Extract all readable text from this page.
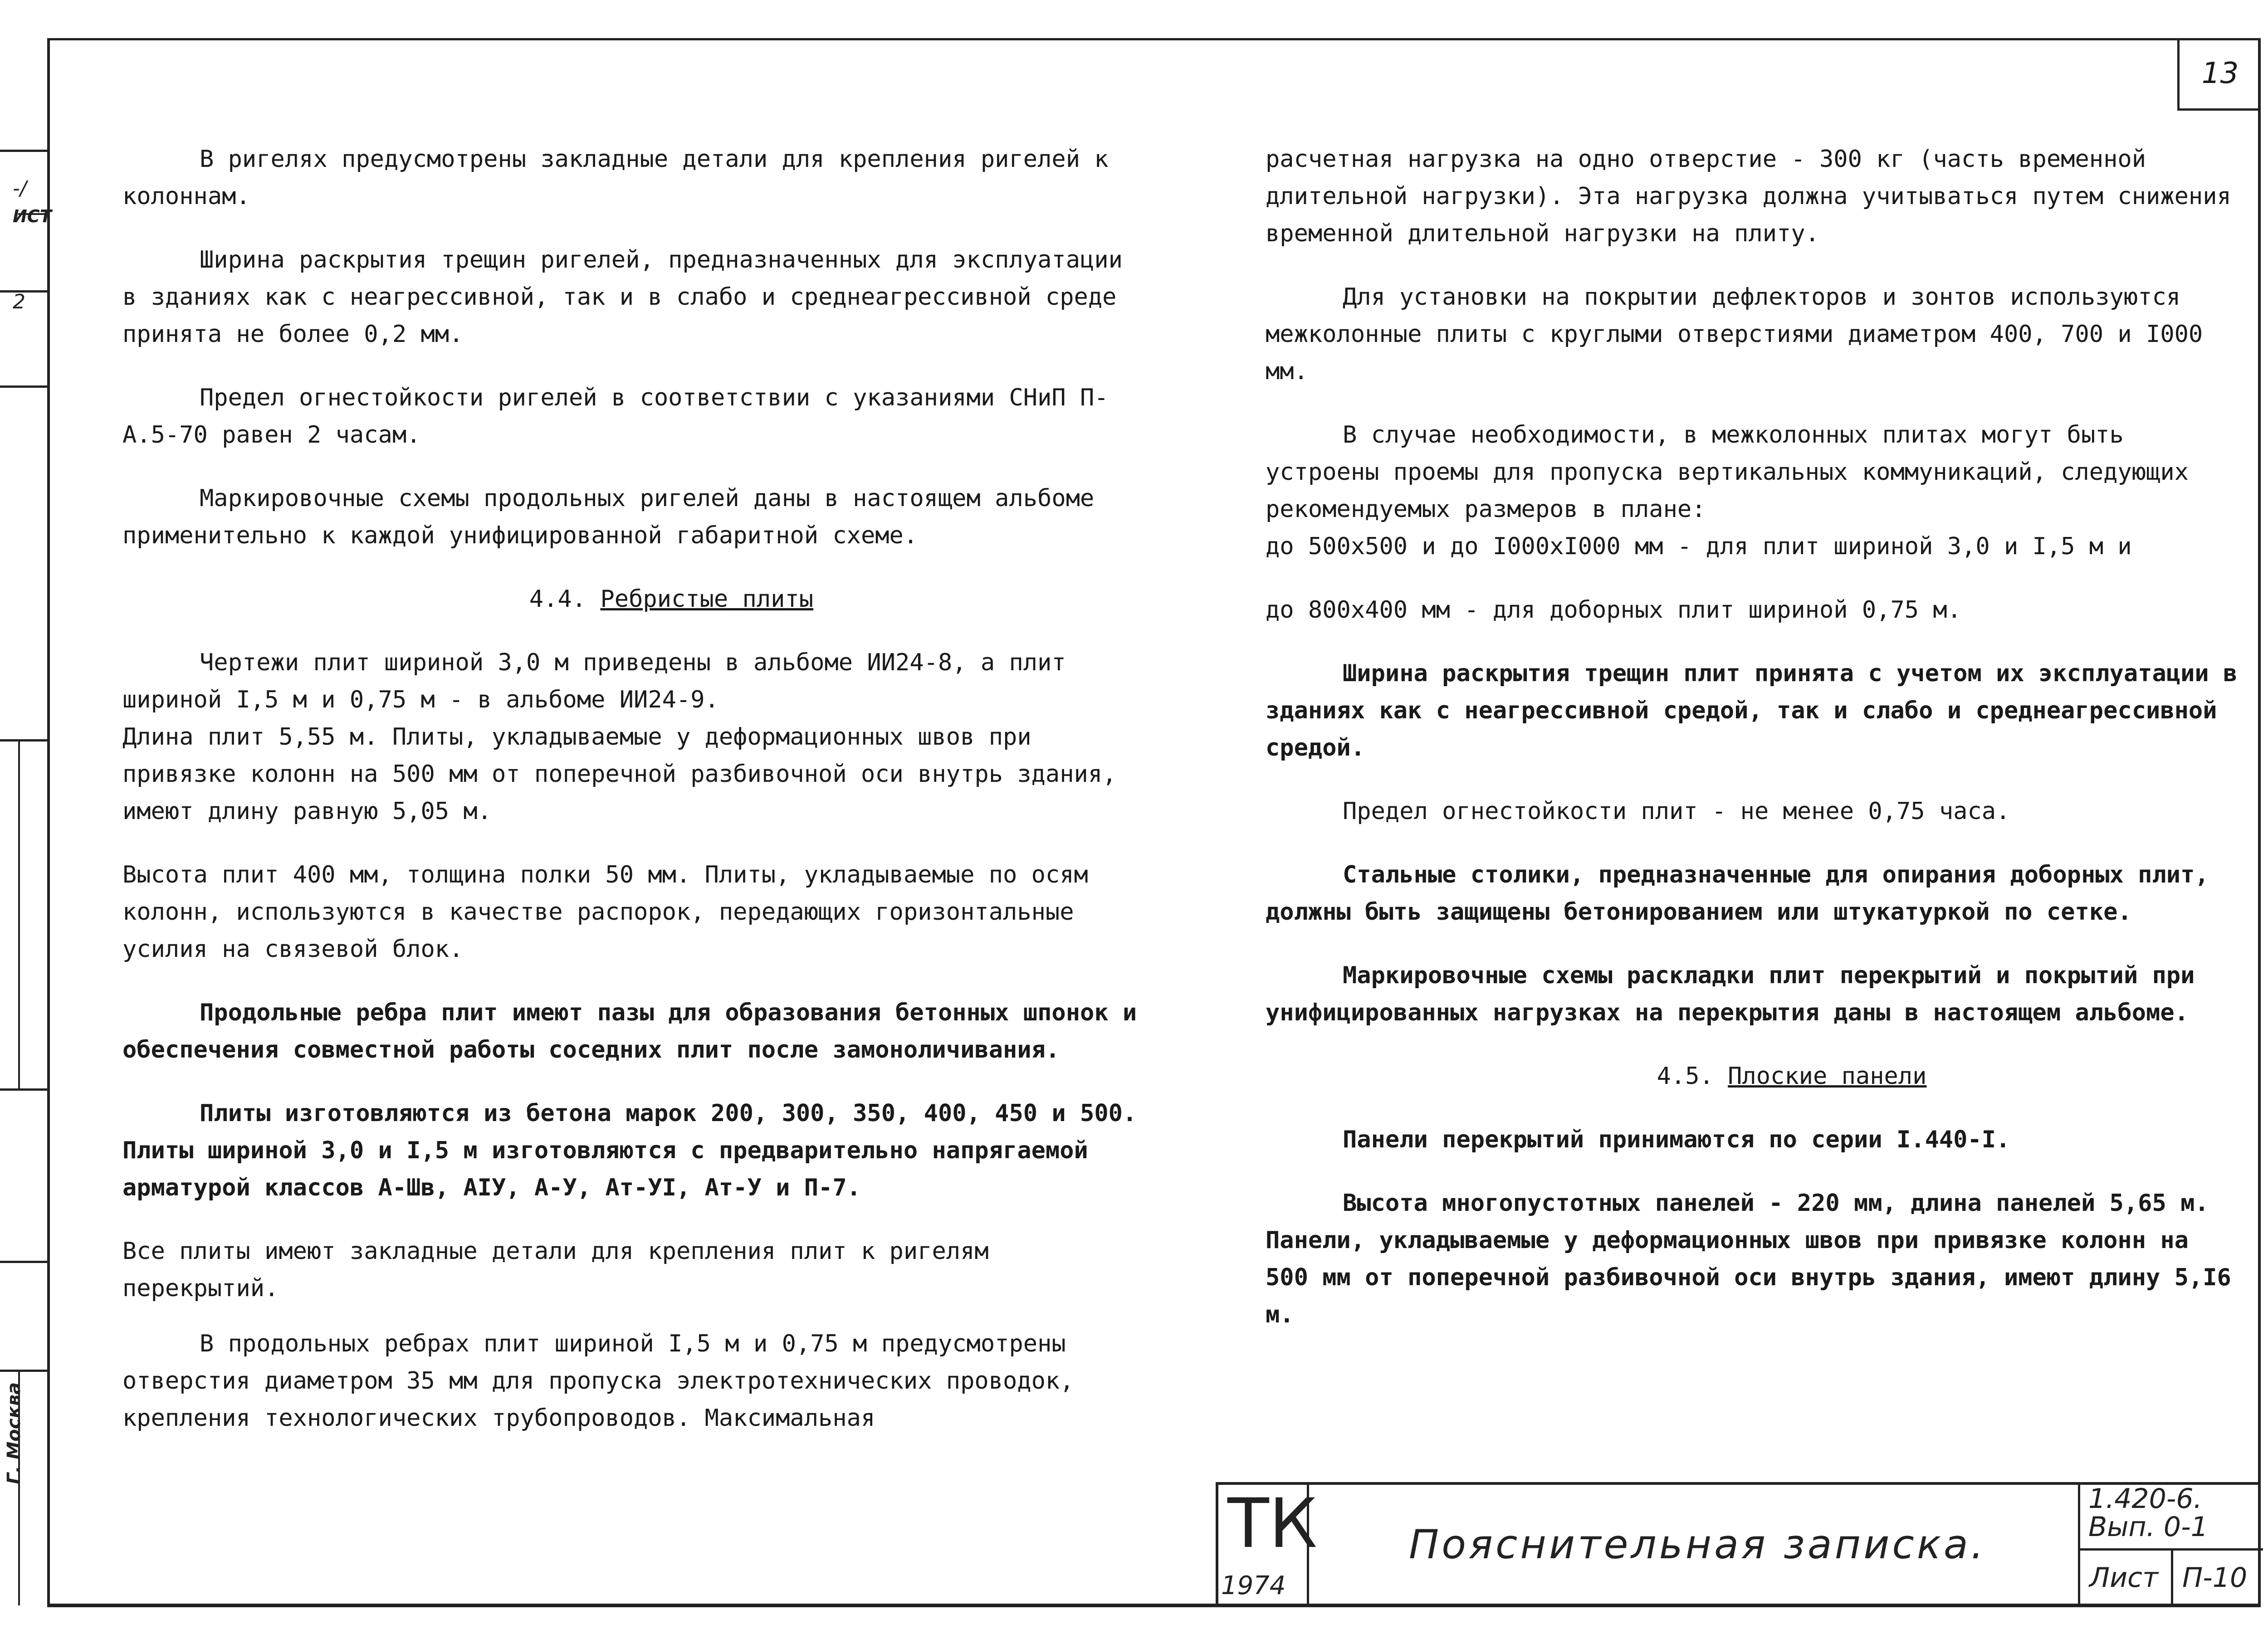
-/
ИСТ
2
Г. Москва
13

В ригелях предусмотрены закладные детали для крепления ригелей к колоннам.

Ширина раскрытия трещин ригелей, предназначенных для эксплуатации в зданиях как с неагрессивной, так и в слабо и среднеагрессивной среде принята не более 0,2 мм.

Предел огнестойкости ригелей в соответствии с указаниями СНиП П-А.5-70 равен 2 часам.

Маркировочные схемы продольных ригелей даны в настоящем альбоме применительно к каждой унифицированной габаритной схеме.

4.4. Ребристые плиты

Чертежи плит шириной 3,0 м приведены в альбоме ИИ24-8, а плит шириной I,5 м и 0,75 м - в альбоме ИИ24-9.

Длина плит 5,55 м. Плиты, укладываемые у деформационных швов при привязке колонн на 500 мм от поперечной разбивочной оси внутрь здания, имеют длину равную 5,05 м.

Высота плит 400 мм, толщина полки 50 мм. Плиты, укладываемые по осям колонн, используются в качестве распорок, передающих горизонтальные усилия на связевой блок.

Продольные ребра плит имеют пазы для образования бетонных шпонок и обеспечения совместной работы соседних плит после замоноличивания.

Плиты изготовляются из бетона марок 200, 300, 350, 400, 450 и 500.

Плиты шириной 3,0 и I,5 м изготовляются с предварительно напрягаемой арматурой классов А-Шв, АIУ, А-У, Ат-УI, Ат-У и П-7.

Все плиты имеют закладные детали для крепления плит к ригелям перекрытий.

В продольных ребрах плит шириной I,5 м и 0,75 м предусмотрены отверстия диаметром 35 мм для пропуска электротехнических проводок, крепления технологических трубопроводов. Максимальная

расчетная нагрузка на одно отверстие - 300 кг (часть временной длительной нагрузки). Эта нагрузка должна учитываться путем снижения временной длительной нагрузки на плиту.

Для установки на покрытии дефлекторов и зонтов используются межколонные плиты с круглыми отверстиями диаметром 400, 700 и I000 мм.

В случае необходимости, в межколонных плитах могут быть устроены проемы для пропуска вертикальных коммуникаций, следующих рекомендуемых размеров в плане:

до 500х500 и до I000хI000 мм - для плит шириной 3,0 и I,5 м и

до 800х400 мм - для доборных плит шириной 0,75 м.

Ширина раскрытия трещин плит принята с учетом их эксплуатации в зданиях как с неагрессивной средой, так и слабо и среднеагрессивной средой.

Предел огнестойкости плит - не менее 0,75 часа.

Стальные столики, предназначенные для опирания доборных плит, должны быть защищены бетонированием или штукатуркой по сетке.

Маркировочные схемы раскладки плит перекрытий и покрытий при унифицированных нагрузках на перекрытия даны в настоящем альбоме.

4.5. Плоские панели

Панели перекрытий принимаются по серии I.440-I.

Высота многопустотных панелей - 220 мм, длина панелей 5,65 м. Панели, укладываемые у деформационных швов при привязке колонн на 500 мм от поперечной разбивочной оси внутрь здания, имеют длину 5,I6 м.

ТК
1974
Пояснительная записка.
1.420-6.
Вып. 0-1
Лист П-10
